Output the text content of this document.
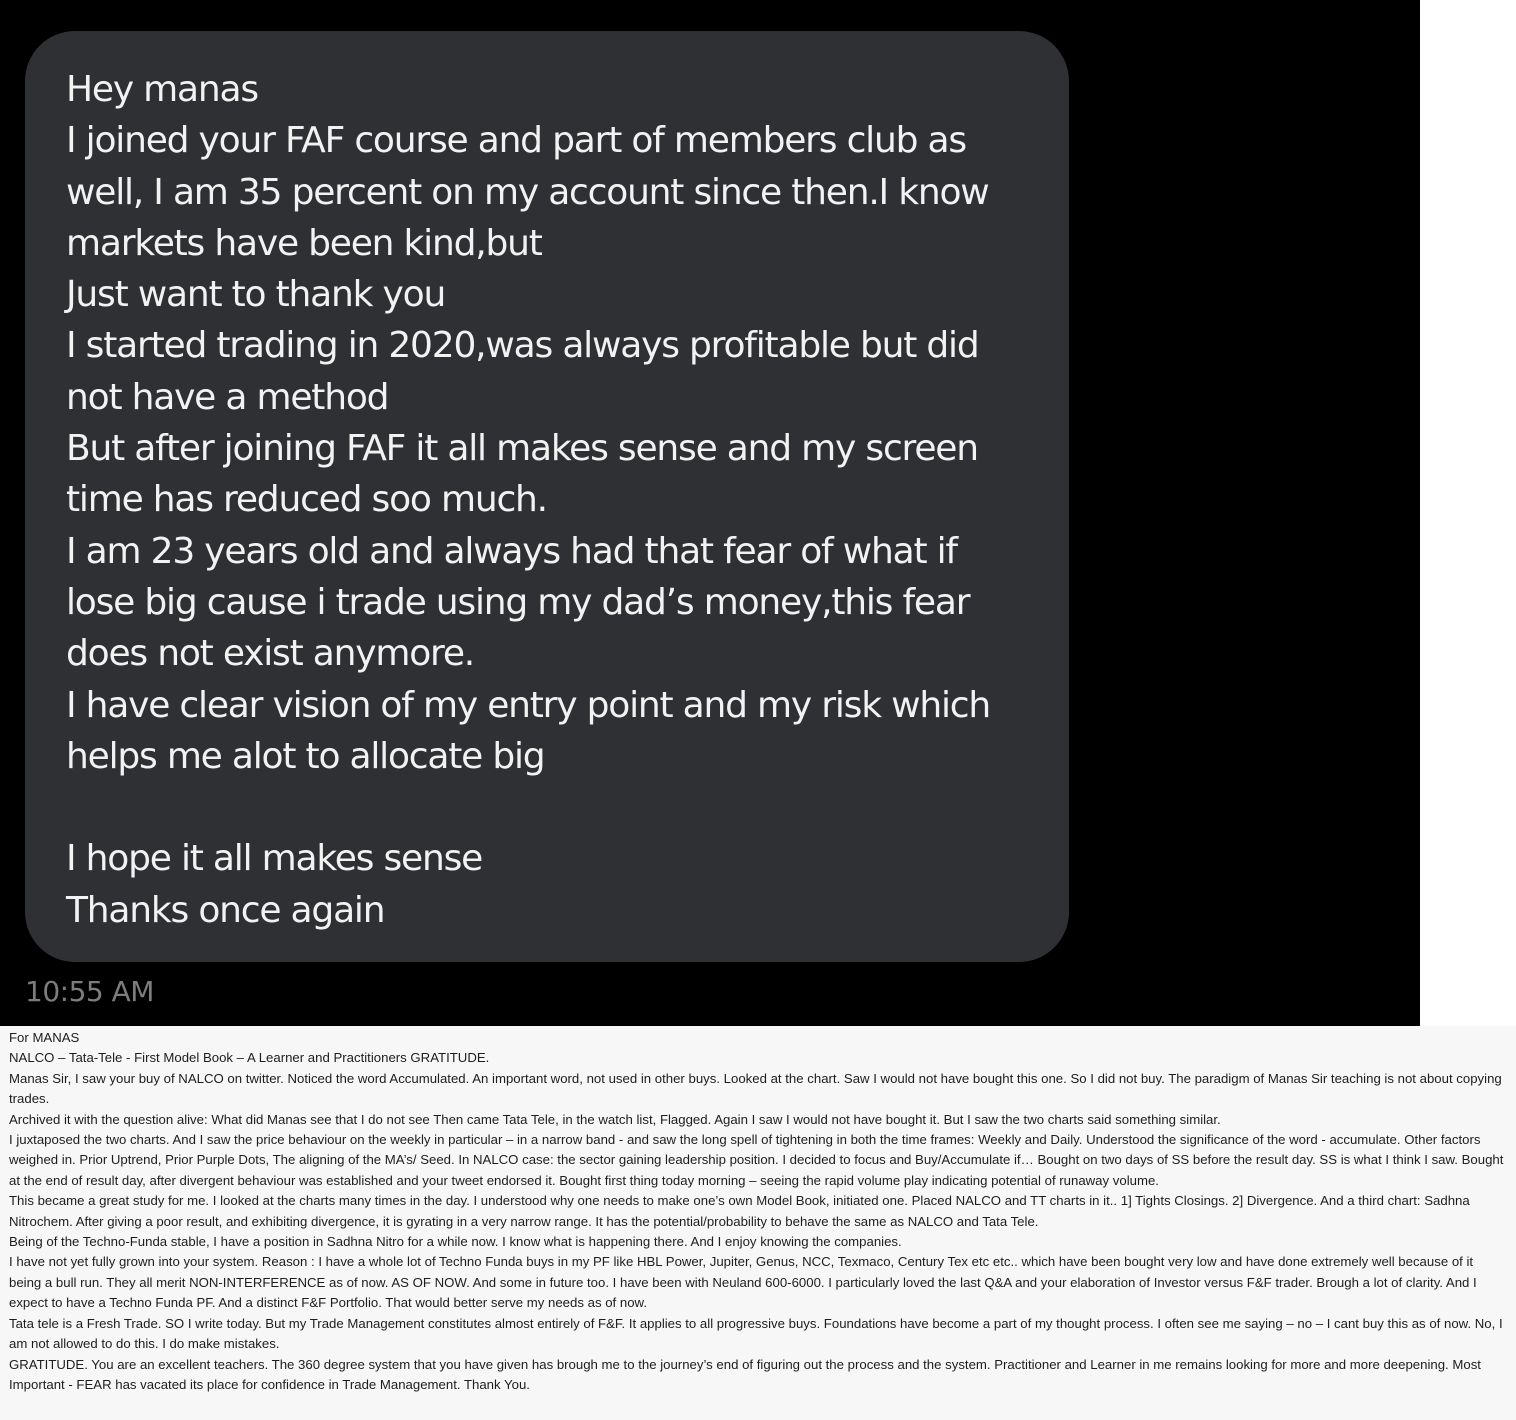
Hey manas
I joined your FAF course and part of members club as
well, I am 35 percent on my account since then.I know
markets have been kind,but
Just want to thank you
I started trading in 2020,was always profitable but did
not have a method
But after joining FAF it all makes sense and my screen
time has reduced soo much.
I am 23 years old and always had that fear of what if
lose big cause i trade using my dad’s money,this fear
does not exist anymore.
I have clear vision of my entry point and my risk which
helps me alot to allocate big
I hope it all makes sense
Thanks once again
10:55 AM
For MANAS
NALCO – Tata-Tele - First Model Book – A Learner and Practitioners GRATITUDE.
Manas Sir, I saw your buy of NALCO on twitter. Noticed the word Accumulated. An important word, not used in other buys. Looked at the chart. Saw I would not have bought this one. So I did not buy. The paradigm of Manas Sir teaching is not about copying trades.
Archived it with the question alive: What did Manas see that I do not see Then came Tata Tele, in the watch list, Flagged. Again I saw I would not have bought it. But I saw the two charts said something similar.
I juxtaposed the two charts. And I saw the price behaviour on the weekly in particular – in a narrow band - and saw the long spell of tightening in both the time frames: Weekly and Daily. Understood the significance of the word - accumulate. Other factors weighed in. Prior Uptrend, Prior Purple Dots, The aligning of the MA’s/ Seed. In NALCO case: the sector gaining leadership position. I decided to focus and Buy/Accumulate if… Bought on two days of SS before the result day. SS is what I think I saw. Bought at the end of result day, after divergent behaviour was established and your tweet endorsed it. Bought first thing today morning – seeing the rapid volume play indicating potential of runaway volume.
This became a great study for me. I looked at the charts many times in the day. I understood why one needs to make one’s own Model Book, initiated one. Placed NALCO and TT charts in it.. 1] Tights Closings. 2] Divergence. And a third chart: Sadhna Nitrochem. After giving a poor result, and exhibiting divergence, it is gyrating in a very narrow range. It has the potential/probability to behave the same as NALCO and Tata Tele.
Being of the Techno-Funda stable, I have a position in Sadhna Nitro for a while now. I know what is happening there. And I enjoy knowing the companies.
I have not yet fully grown into your system. Reason : I have a whole lot of Techno Funda buys in my PF like HBL Power, Jupiter, Genus, NCC, Texmaco, Century Tex etc etc.. which have been bought very low and have done extremely well because of it being a bull run. They all merit NON-INTERFERENCE as of now. AS OF NOW. And some in future too. I have been with Neuland 600-6000. I particularly loved the last Q&A and your elaboration of Investor versus F&F trader. Brough a lot of clarity. And I expect to have a Techno Funda PF. And a distinct F&F Portfolio. That would better serve my needs as of now.
Tata tele is a Fresh Trade. SO I write today. But my Trade Management constitutes almost entirely of F&F. It applies to all progressive buys. Foundations have become a part of my thought process. I often see me saying – no – I cant buy this as of now. No, I am not allowed to do this. I do make mistakes.
GRATITUDE. You are an excellent teachers. The 360 degree system that you have given has brough me to the journey’s end of figuring out the process and the system. Practitioner and Learner in me remains looking for more and more deepening. Most Important - FEAR has vacated its place for confidence in Trade Management. Thank You.
